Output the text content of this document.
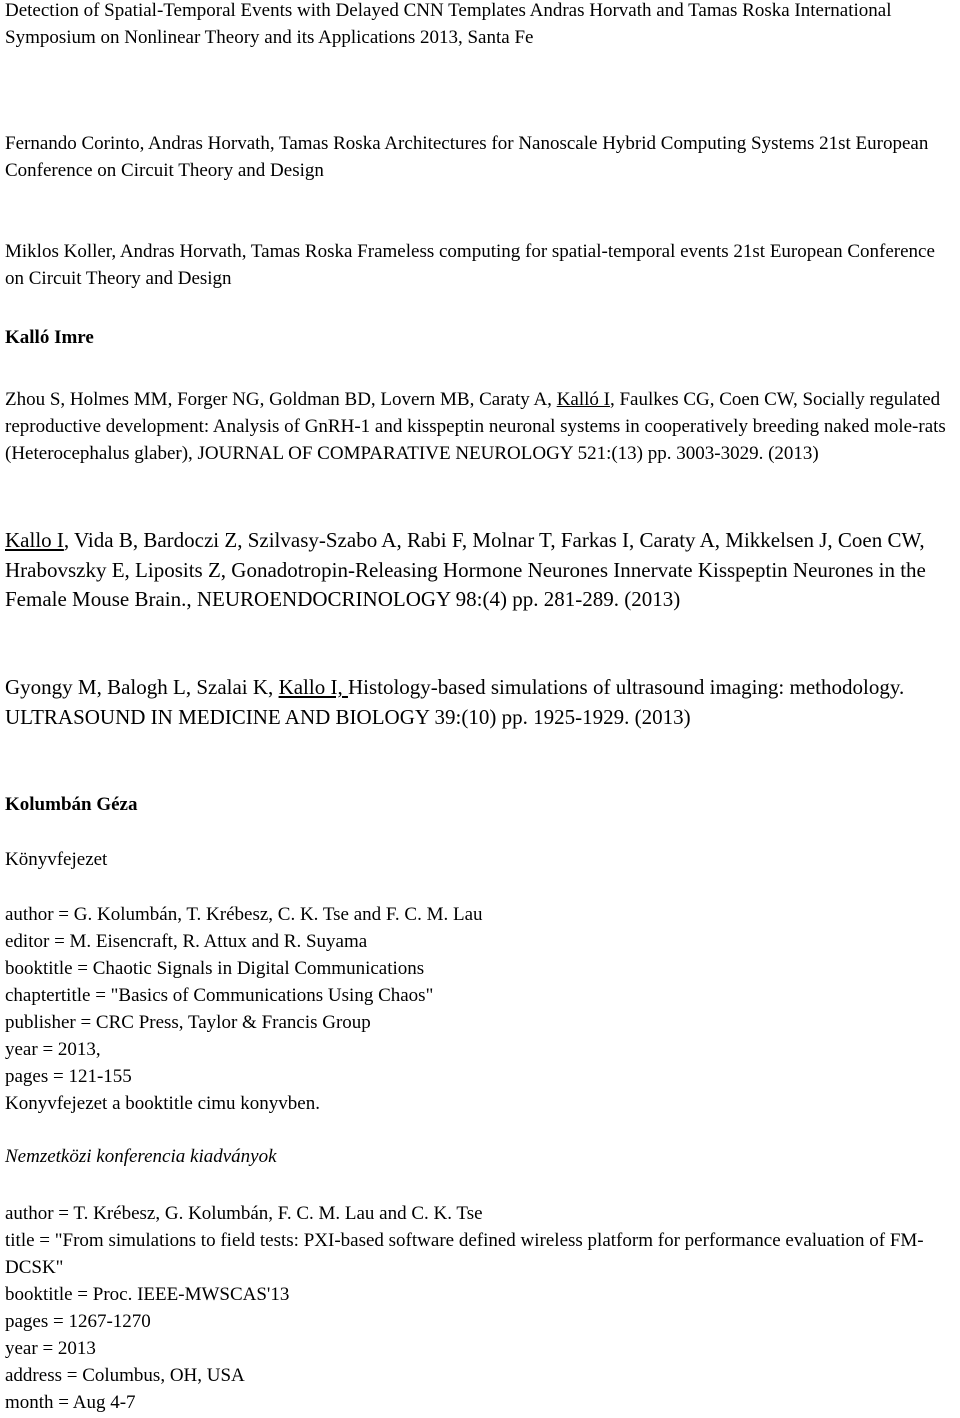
Detection of Spatial-Temporal Events with Delayed CNN Templates Andras Horvath and Tamas Roska International Symposium on Nonlinear Theory and its Applications 2013, Santa Fe

Fernando Corinto, Andras Horvath, Tamas Roska Architectures for Nanoscale Hybrid Computing Systems 21st European Conference on Circuit Theory and Design

Miklos Koller, Andras Horvath, Tamas Roska Frameless computing for spatial-temporal events 21st European Conference on Circuit Theory and Design

Kalló Imre

Zhou S, Holmes MM, Forger NG, Goldman BD, Lovern MB, Caraty A, Kalló I, Faulkes CG, Coen CW, Socially regulated reproductive development: Analysis of GnRH-1 and kisspeptin neuronal systems in cooperatively breeding naked mole-rats (Heterocephalus glaber), JOURNAL OF COMPARATIVE NEUROLOGY 521:(13) pp. 3003-3029. (2013)

Kallo I, Vida B, Bardoczi Z, Szilvasy-Szabo A, Rabi F, Molnar T, Farkas I, Caraty A, Mikkelsen J, Coen CW, Hrabovszky E, Liposits Z, Gonadotropin-Releasing Hormone Neurones Innervate Kisspeptin Neurones in the Female Mouse Brain., NEUROENDOCRINOLOGY 98:(4) pp. 281-289. (2013)

Gyongy M, Balogh L, Szalai K, Kallo I, Histology-based simulations of ultrasound imaging: methodology. ULTRASOUND IN MEDICINE AND BIOLOGY 39:(10) pp. 1925-1929. (2013)

Kolumbán Géza

Könyvfejezet

author = G. Kolumbán, T. Krébesz, C. K. Tse and F. C. M. Lau
editor = M. Eisencraft, R. Attux and R. Suyama
booktitle = Chaotic Signals in Digital Communications
chaptertitle = "Basics of Communications Using Chaos"
publisher = CRC Press, Taylor & Francis Group
year = 2013,
pages = 121-155
Konyvfejezet a booktitle cimu konyvben.

Nemzetközi konferencia kiadványok

author = T. Krébesz, G. Kolumbán, F. C. M. Lau and C. K. Tse

title = "From simulations to field tests: PXI-based software defined wireless platform for performance evaluation of FM-DCSK"

booktitle = Proc. IEEE-MWSCAS'13
pages = 1267-1270
year = 2013
address = Columbus, OH, USA
month = Aug 4-7
